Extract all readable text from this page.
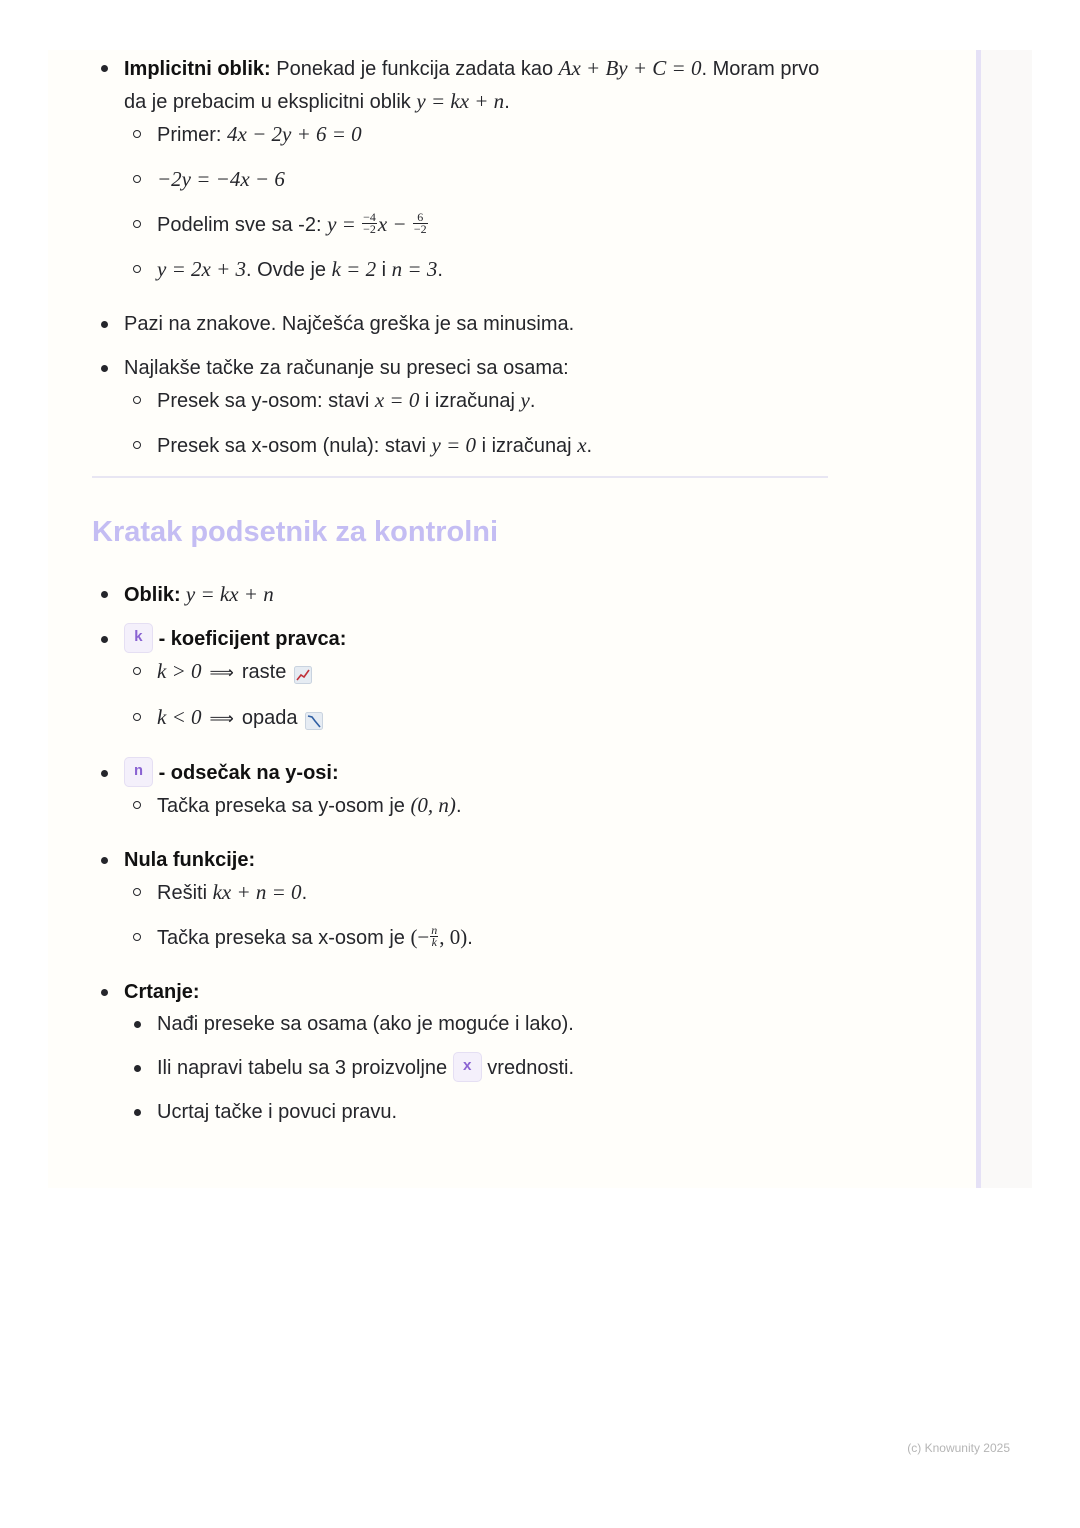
Implicitni oblik: Ponekad je funkcija zadata kao Ax + By + C = 0. Moram prvo da je prebacim u eksplicitni oblik y = kx + n.
Primer: 4x − 2y + 6 = 0
−2y = −4x − 6
Podelim sve sa -2: $y = \frac{-4}{-2}$ $x - \frac{6}{-2}$
y = 2x + 3. Ovde je k = 2 i n = 3.
Pazi na znakove. Najčešća greška je sa minusima.
Najlakše tačke za računanje su preseci sa osama:
Presek sa y-osom: stavi x = 0 i izračunaj y.
Presek sa x-osom (nula): stavi y = 0 i izračunaj x.
Kratak podsetnik za kontrolni
Oblik: y = kx + n
k - koeficijent pravca:
k > 0 ⟹ raste
k < 0 ⟹ opada
n - odsečak na y-osi:
Tačka preseka sa y-osom je (0, n).
Nula funkcije:
Rešiti kx + n = 0.
Tačka preseka sa x-osom je (− $\frac{n}{k}$ , 0).
Crtanje:
Nađi preseke sa osama (ako je moguće i lako).
Ili napravi tabelu sa 3 proizvoljne x vrednosti.
Ucrtaj tačke i povuci pravu.
(c) Knowunity 2025
